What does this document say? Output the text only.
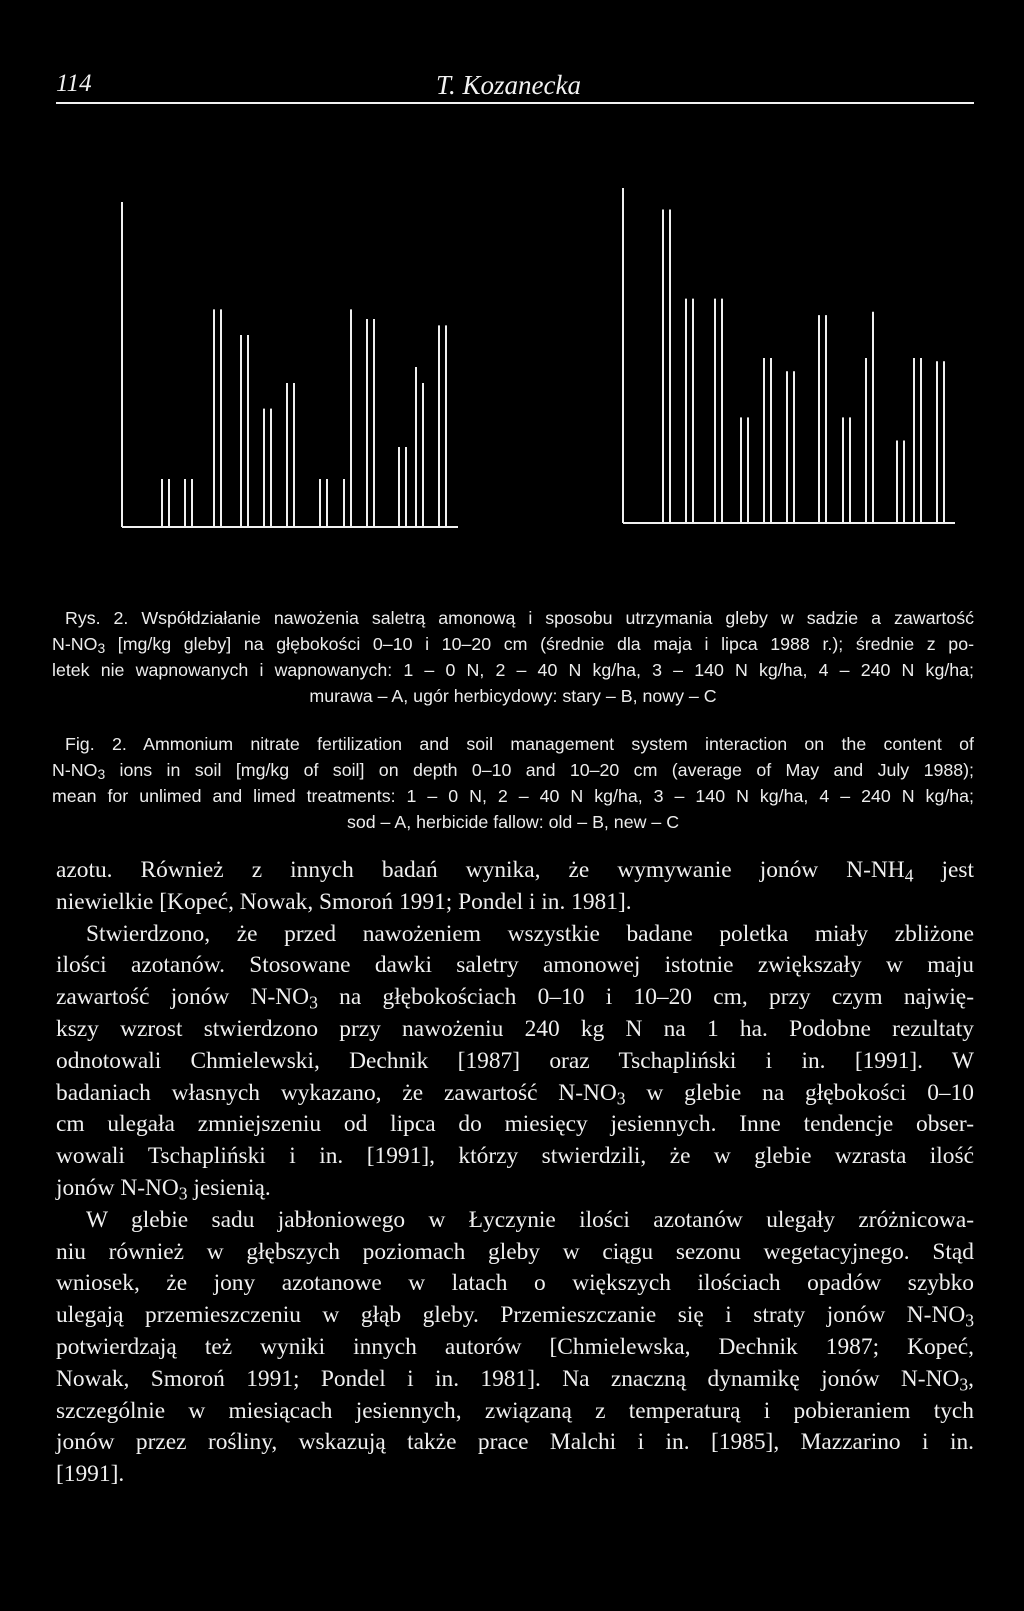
114	T. Kozanecka
Rys. 2. Współdziałanie nawożenia saletrą amonową i sposobu utrzymania gleby w sadzie a zawartość
N-NO3 [mg/kg gleby] na głębokości 0–10 i 10–20 cm (średnie dla maja i lipca 1988 r.); średnie z po-
letek nie wapnowanych i wapnowanych: 1 – 0 N, 2 – 40 N kg/ha, 3 – 140 N kg/ha, 4 – 240 N kg/ha;
murawa – A, ugór herbicydowy: stary – B, nowy – C
Fig. 2. Ammonium nitrate fertilization and soil management system interaction on the content of
N-NO3 ions in soil [mg/kg of soil] on depth 0–10 and 10–20 cm (average of May and July 1988);
mean for unlimed and limed treatments: 1 – 0 N, 2 – 40 N kg/ha, 3 – 140 N kg/ha, 4 – 240 N kg/ha;
sod – A, herbicide fallow: old – B, new – C
azotu. Również z innych badań wynika, że wymywanie jonów $N-NH_4$ jest
niewielkie [Kopeć, Nowak, Smoroń 1991; Pondel i in. 1981].
Stwierdzono, że przed nawożeniem wszystkie badane poletka miały zbliżone
ilości azotanów. Stosowane dawki saletry amonowej istotnie zwiększały w maju
zawartość jonów $N-NO_3$ na głębokościach 0–10 i 10–20 cm, przy czym najwię-
kszy wzrost stwierdzono przy nawożeniu 240 kg N na 1 ha. Podobne rezultaty
odnotowali Chmielewski, Dechnik [1987] oraz Tschapliński i in. [1991]. W
badaniach własnych wykazano, że zawartość $N-NO_3$ w glebie na głębokości 0–10
cm ulegała zmniejszeniu od lipca do miesięcy jesiennych. Inne tendencje obser-
wowali Tschapliński i in. [1991], którzy stwierdzili, że w glebie wzrasta ilość
jonów $N-NO_3$ jesienią.
W glebie sadu jabłoniowego w Łyczynie ilości azotanów ulegały zróżnicowa-
niu również w głębszych poziomach gleby w ciągu sezonu wegetacyjnego. Stąd
wniosek, że jony azotanowe w latach o większych ilościach opadów szybko
ulegają przemieszczeniu w głąb gleby. Przemieszczanie się i straty jonów $N-NO_3$
potwierdzają też wyniki innych autorów [Chmielewska, Dechnik 1987; Kopeć,
Nowak, Smoroń 1991; Pondel i in. 1981]. Na znaczną dynamikę jonów $N-NO_3$,
szczególnie w miesiącach jesiennych, związaną z temperaturą i pobieraniem tych
jonów przez rośliny, wskazują także prace Malchi i in. [1985], Mazzarino i in.
[1991].
